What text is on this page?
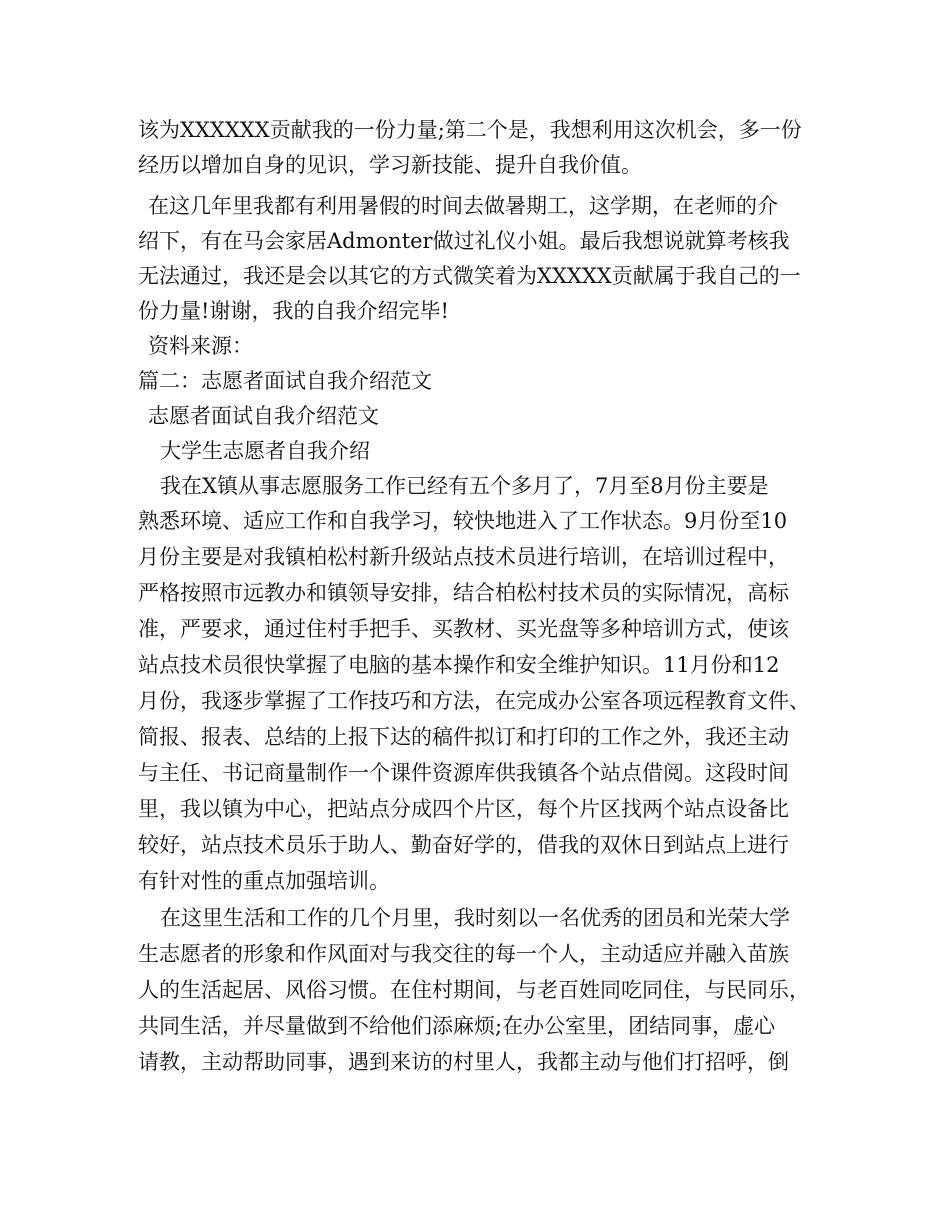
该为XXXXXX贡献我的一份力量;第二个是，我想利用这次机会，多一份
经历以增加自身的见识，学习新技能、提升自我价值。
在这几年里我都有利用暑假的时间去做暑期工，这学期，在老师的介
绍下，有在马会家居Admonter做过礼仪小姐。最后我想说就算考核我
无法通过，我还是会以其它的方式微笑着为XXXXX贡献属于我自己的一
份力量!谢谢，我的自我介绍完毕!
资料来源：
篇二：志愿者面试自我介绍范文
志愿者面试自我介绍范文
大学生志愿者自我介绍
我在X镇从事志愿服务工作已经有五个多月了，7月至8月份主要是
熟悉环境、适应工作和自我学习，较快地进入了工作状态。9月份至10
月份主要是对我镇柏松村新升级站点技术员进行培训，在培训过程中，
严格按照市远教办和镇领导安排，结合柏松村技术员的实际情况，高标
准，严要求，通过住村手把手、买教材、买光盘等多种培训方式，使该
站点技术员很快掌握了电脑的基本操作和安全维护知识。11月份和12
月份，我逐步掌握了工作技巧和方法，在完成办公室各项远程教育文件、
简报、报表、总结的上报下达的稿件拟订和打印的工作之外，我还主动
与主任、书记商量制作一个课件资源库供我镇各个站点借阅。这段时间
里，我以镇为中心，把站点分成四个片区，每个片区找两个站点设备比
较好，站点技术员乐于助人、勤奋好学的，借我的双休日到站点上进行
有针对性的重点加强培训。
在这里生活和工作的几个月里，我时刻以一名优秀的团员和光荣大学
生志愿者的形象和作风面对与我交往的每一个人，主动适应并融入苗族
人的生活起居、风俗习惯。在住村期间，与老百姓同吃同住，与民同乐，
共同生活，并尽量做到不给他们添麻烦;在办公室里，团结同事，虚心
请教，主动帮助同事，遇到来访的村里人，我都主动与他们打招呼，倒
